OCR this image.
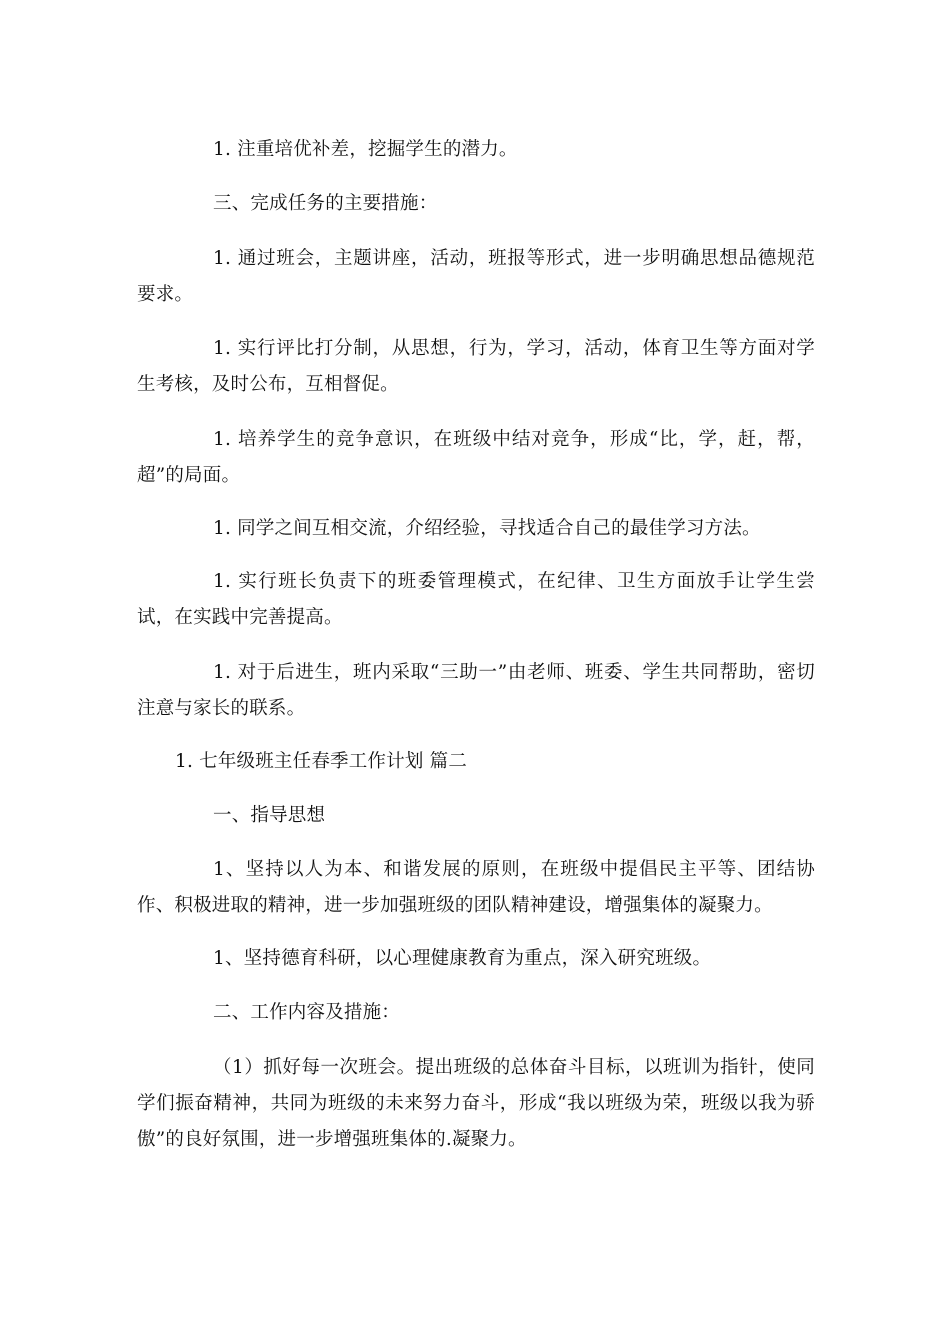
1. 注重培优补差，挖掘学生的潜力。

三、完成任务的主要措施：

1. 通过班会，主题讲座，活动，班报等形式，进一步明确思想品德规范要求。

1. 实行评比打分制，从思想，行为，学习，活动，体育卫生等方面对学生考核，及时公布，互相督促。

1. 培养学生的竞争意识，在班级中结对竞争，形成“比，学，赶，帮，超”的局面。

1. 同学之间互相交流，介绍经验，寻找适合自己的最佳学习方法。

1. 实行班长负责下的班委管理模式，在纪律、卫生方面放手让学生尝试，在实践中完善提高。

1. 对于后进生，班内采取“三助一”由老师、班委、学生共同帮助，密切注意与家长的联系。

1. 七年级班主任春季工作计划 篇二

一、指导思想

1、坚持以人为本、和谐发展的原则，在班级中提倡民主平等、团结协作、积极进取的精神，进一步加强班级的团队精神建设，增强集体的凝聚力。

1、坚持德育科研，以心理健康教育为重点，深入研究班级。

二、工作内容及措施：

（1）抓好每一次班会。提出班级的总体奋斗目标，以班训为指针，使同学们振奋精神，共同为班级的未来努力奋斗，形成“我以班级为荣，班级以我为骄傲”的良好氛围，进一步增强班集体的.凝聚力。
